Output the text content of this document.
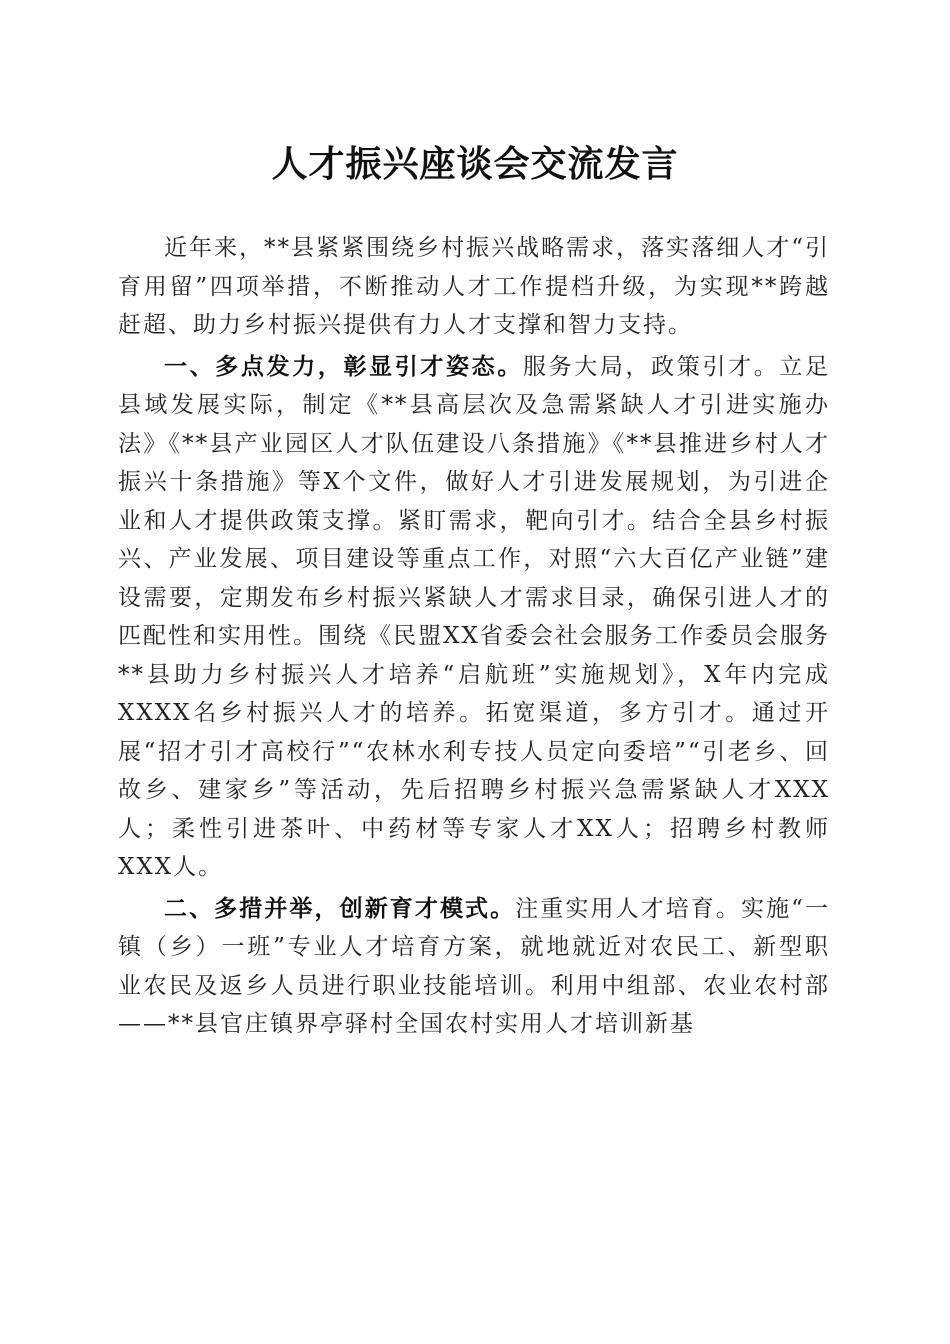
人才振兴座谈会交流发言

近年来，**县紧紧围绕乡村振兴战略需求，落实落细人才“引育用留”四项举措，不断推动人才工作提档升级，为实现**跨越赶超、助力乡村振兴提供有力人才支撑和智力支持。

一、多点发力，彰显引才姿态。服务大局，政策引才。立足县域发展实际，制定《**县高层次及急需紧缺人才引进实施办法》《**县产业园区人才队伍建设八条措施》《**县推进乡村人才振兴十条措施》等X个文件，做好人才引进发展规划，为引进企业和人才提供政策支撑。紧盯需求，靶向引才。结合全县乡村振兴、产业发展、项目建设等重点工作，对照“六大百亿产业链”建设需要，定期发布乡村振兴紧缺人才需求目录，确保引进人才的匹配性和实用性。围绕《民盟XX省委会社会服务工作委员会服务**县助力乡村振兴人才培养“启航班”实施规划》，X年内完成XXXX名乡村振兴人才的培养。拓宽渠道，多方引才。通过开展“招才引才高校行”“农林水利专技人员定向委培”“引老乡、回故乡、建家乡”等活动，先后招聘乡村振兴急需紧缺人才XXX人；柔性引进茶叶、中药材等专家人才XX人；招聘乡村教师XXX人。

二、多措并举，创新育才模式。注重实用人才培育。实施“一镇（乡）一班”专业人才培育方案，就地就近对农民工、新型职业农民及返乡人员进行职业技能培训。利用中组部、农业农村部——**县官庄镇界亭驿村全国农村实用人才培训新基
